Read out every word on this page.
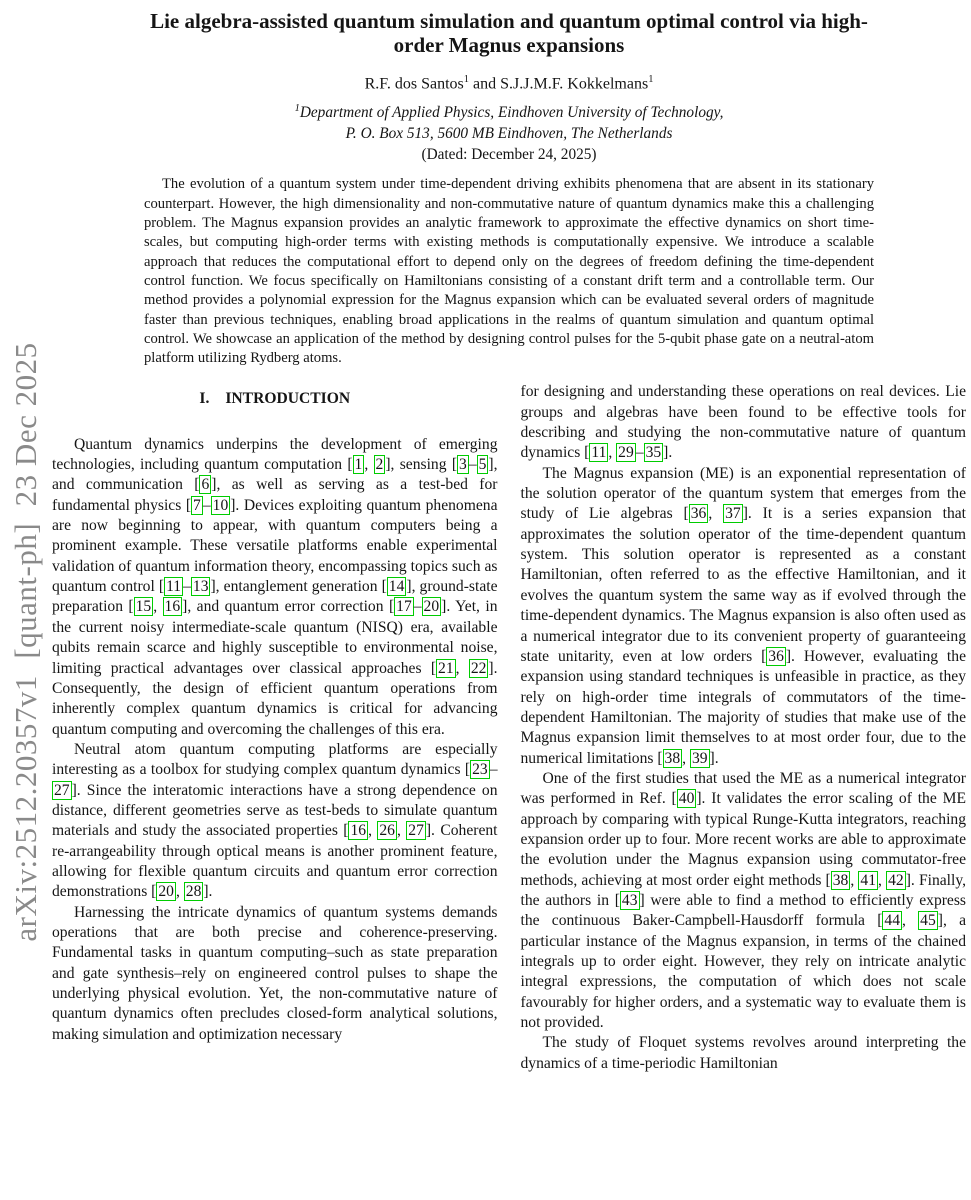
arXiv:2512.20357v1  [quant-ph]  23 Dec 2025
Lie algebra-assisted quantum simulation and quantum optimal control via high-order Magnus expansions
R.F. dos Santos$^1$ and S.J.J.M.F. Kokkelmans$^1$
$^1$Department of Applied Physics, Eindhoven University of Technology,
P. O. Box 513, 5600 MB Eindhoven, The Netherlands
(Dated: December 24, 2025)

The evolution of a quantum system under time-dependent driving exhibits phenomena that are absent in its stationary counterpart. However, the high dimensionality and non-commutative nature of quantum dynamics make this a challenging problem. The Magnus expansion provides an analytic framework to approximate the effective dynamics on short time-scales, but computing high-order terms with existing methods is computationally expensive. We introduce a scalable approach that reduces the computational effort to depend only on the degrees of freedom defining the time-dependent control function. We focus specifically on Hamiltonians consisting of a constant drift term and a controllable term. Our method provides a polynomial expression for the Magnus expansion which can be evaluated several orders of magnitude faster than previous techniques, enabling broad applications in the realms of quantum simulation and quantum optimal control. We showcase an application of the method by designing control pulses for the 5-qubit phase gate on a neutral-atom platform utilizing Rydberg atoms.

I. INTRODUCTION

Quantum dynamics underpins the development of emerging technologies, including quantum computation [ 1 , 2 ], sensing [ 3 – 5 ], and communication [ 6 ], as well as serving as a test-bed for fundamental physics [ 7 – 10 ]. Devices exploiting quantum phenomena are now beginning to appear, with quantum computers being a prominent example. These versatile platforms enable experimental validation of quantum information theory, encompassing topics such as quantum control [ 11 – 13 ], entanglement generation [ 14 ], ground-state preparation [ 15 , 16 ], and quantum error correction [ 17 – 20 ]. Yet, in the current noisy intermediate-scale quantum (NISQ) era, available qubits remain scarce and highly susceptible to environmental noise, limiting practical advantages over classical approaches [ 21 , 22 ]. Consequently, the design of efficient quantum operations from inherently complex quantum dynamics is critical for advancing quantum computing and overcoming the challenges of this era.

Neutral atom quantum computing platforms are especially interesting as a toolbox for studying complex quantum dynamics [ 23 –27 ]. Since the interatomic interactions have a strong dependence on distance, different geometries serve as test-beds to simulate quantum materials and study the associated properties [ 16 , 26 , 27 ]. Coherent re-arrangeability through optical means is another prominent feature, allowing for flexible quantum circuits and quantum error correction demonstrations [ 20 , 28 ].

Harnessing the intricate dynamics of quantum systems demands operations that are both precise and coherence-preserving. Fundamental tasks in quantum computing–such as state preparation and gate synthesis–rely on engineered control pulses to shape the underlying physical evolution. Yet, the non-commutative nature of quantum dynamics often precludes closed-form analytical solutions, making simulation and optimization necessary

for designing and understanding these operations on real devices. Lie groups and algebras have been found to be effective tools for describing and studying the non-commutative nature of quantum dynamics [ 11 , 29 – 35 ].

The Magnus expansion (ME) is an exponential representation of the solution operator of the quantum system that emerges from the study of Lie algebras [ 36 , 37 ]. It is a series expansion that approximates the solution operator of the time-dependent quantum system. This solution operator is represented as a constant Hamiltonian, often referred to as the effective Hamiltonian, and it evolves the quantum system the same way as if evolved through the time-dependent dynamics. The Magnus expansion is also often used as a numerical integrator due to its convenient property of guaranteeing state unitarity, even at low orders [ 36 ]. However, evaluating the expansion using standard techniques is unfeasible in practice, as they rely on high-order time integrals of commutators of the time-dependent Hamiltonian. The majority of studies that make use of the Magnus expansion limit themselves to at most order four, due to the numerical limitations [ 38 , 39 ].

One of the first studies that used the ME as a numerical integrator was performed in Ref. [ 40 ]. It validates the error scaling of the ME approach by comparing with typical Runge-Kutta integrators, reaching expansion order up to four. More recent works are able to approximate the evolution under the Magnus expansion using commutator-free methods, achieving at most order eight methods [ 38 , 41 , 42 ]. Finally, the authors in [ 43 ] were able to find a method to efficiently express the continuous Baker-Campbell-Hausdorff formula [ 44 , 45 ], a particular instance of the Magnus expansion, in terms of the chained integrals up to order eight. However, they rely on intricate analytic integral expressions, the computation of which does not scale favourably for higher orders, and a systematic way to evaluate them is not provided.

The study of Floquet systems revolves around interpreting the dynamics of a time-periodic Hamiltonian
